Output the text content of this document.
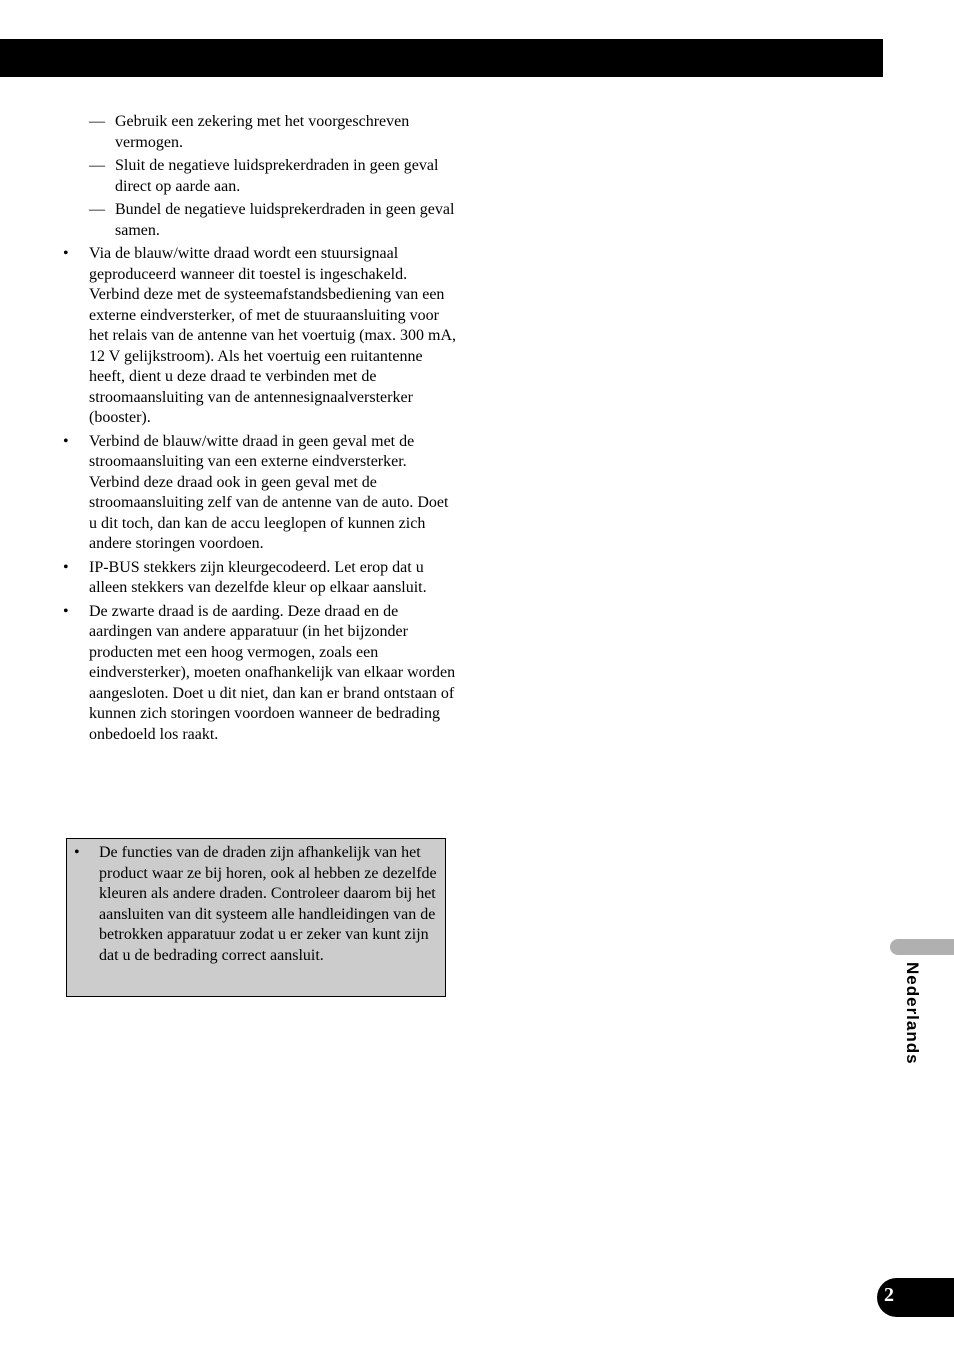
— Gebruik een zekering met het voorgeschreven vermogen.
— Sluit de negatieve luidsprekerdraden in geen geval direct op aarde aan.
— Bundel de negatieve luidsprekerdraden in geen geval samen.
• Via de blauw/witte draad wordt een stuursignaal geproduceerd wanneer dit toestel is ingeschakeld. Verbind deze met de systeemafstandsbediening van een externe eindversterker, of met de stuuraansluiting voor het relais van de antenne van het voertuig (max. 300 mA, 12 V gelijkstroom). Als het voertuig een ruitantenne heeft, dient u deze draad te verbinden met de stroomaansluiting van de antennesignaalversterker (booster).
• Verbind de blauw/witte draad in geen geval met de stroomaansluiting van een externe eindversterker. Verbind deze draad ook in geen geval met de stroomaansluiting zelf van de antenne van de auto. Doet u dit toch, dan kan de accu leeglopen of kunnen zich andere storingen voordoen.
• IP-BUS stekkers zijn kleurgecodeerd. Let erop dat u alleen stekkers van dezelfde kleur op elkaar aansluit.
• De zwarte draad is de aarding. Deze draad en de aardingen van andere apparatuur (in het bijzonder producten met een hoog vermogen, zoals een eindversterker), moeten onafhankelijk van elkaar worden aangesloten. Doet u dit niet, dan kan er brand ontstaan of kunnen zich storingen voordoen wanneer de bedrading onbedoeld los raakt.
• De functies van de draden zijn afhankelijk van het product waar ze bij horen, ook al hebben ze dezelfde kleuren als andere draden. Controleer daarom bij het aansluiten van dit systeem alle handleidingen van de betrokken apparatuur zodat u er zeker van kunt zijn dat u de bedrading correct aansluit.
Nederlands
2
